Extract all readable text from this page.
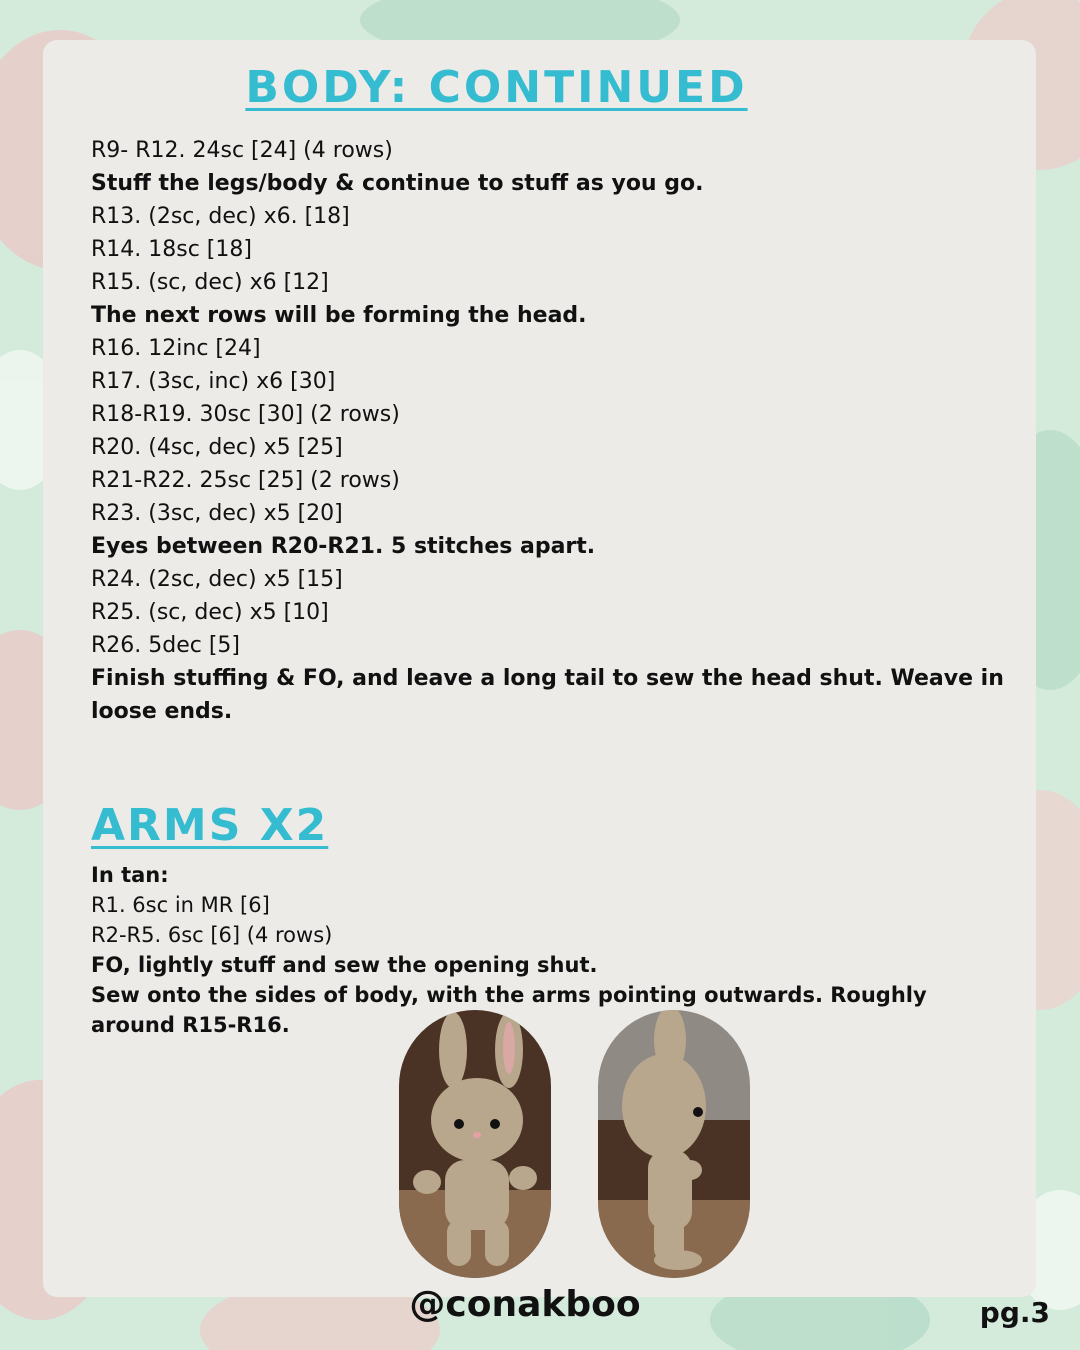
BODY: CONTINUED
R9- R12. 24sc [24] (4 rows)
Stuff the legs/body & continue to stuff as you go.
R13. (2sc, dec) x6. [18]
R14. 18sc [18]
R15. (sc, dec) x6 [12]
The next rows will be forming the head.
R16. 12inc [24]
R17. (3sc, inc) x6 [30]
R18-R19. 30sc [30] (2 rows)
R20. (4sc, dec) x5 [25]
R21-R22. 25sc [25] (2 rows)
R23. (3sc, dec) x5 [20]
Eyes between R20-R21. 5 stitches apart.
R24. (2sc, dec) x5 [15]
R25. (sc, dec) x5 [10]
R26. 5dec [5]
Finish stuffing & FO, and leave a long tail to sew the head shut. Weave in loose ends.
ARMS X2
In tan:
R1. 6sc in MR [6]
R2-R5. 6sc [6] (4 rows)
FO, lightly stuff and sew the opening shut.
Sew onto the sides of body, with the arms pointing outwards. Roughly around R15-R16.
@conakboo	pg.3
